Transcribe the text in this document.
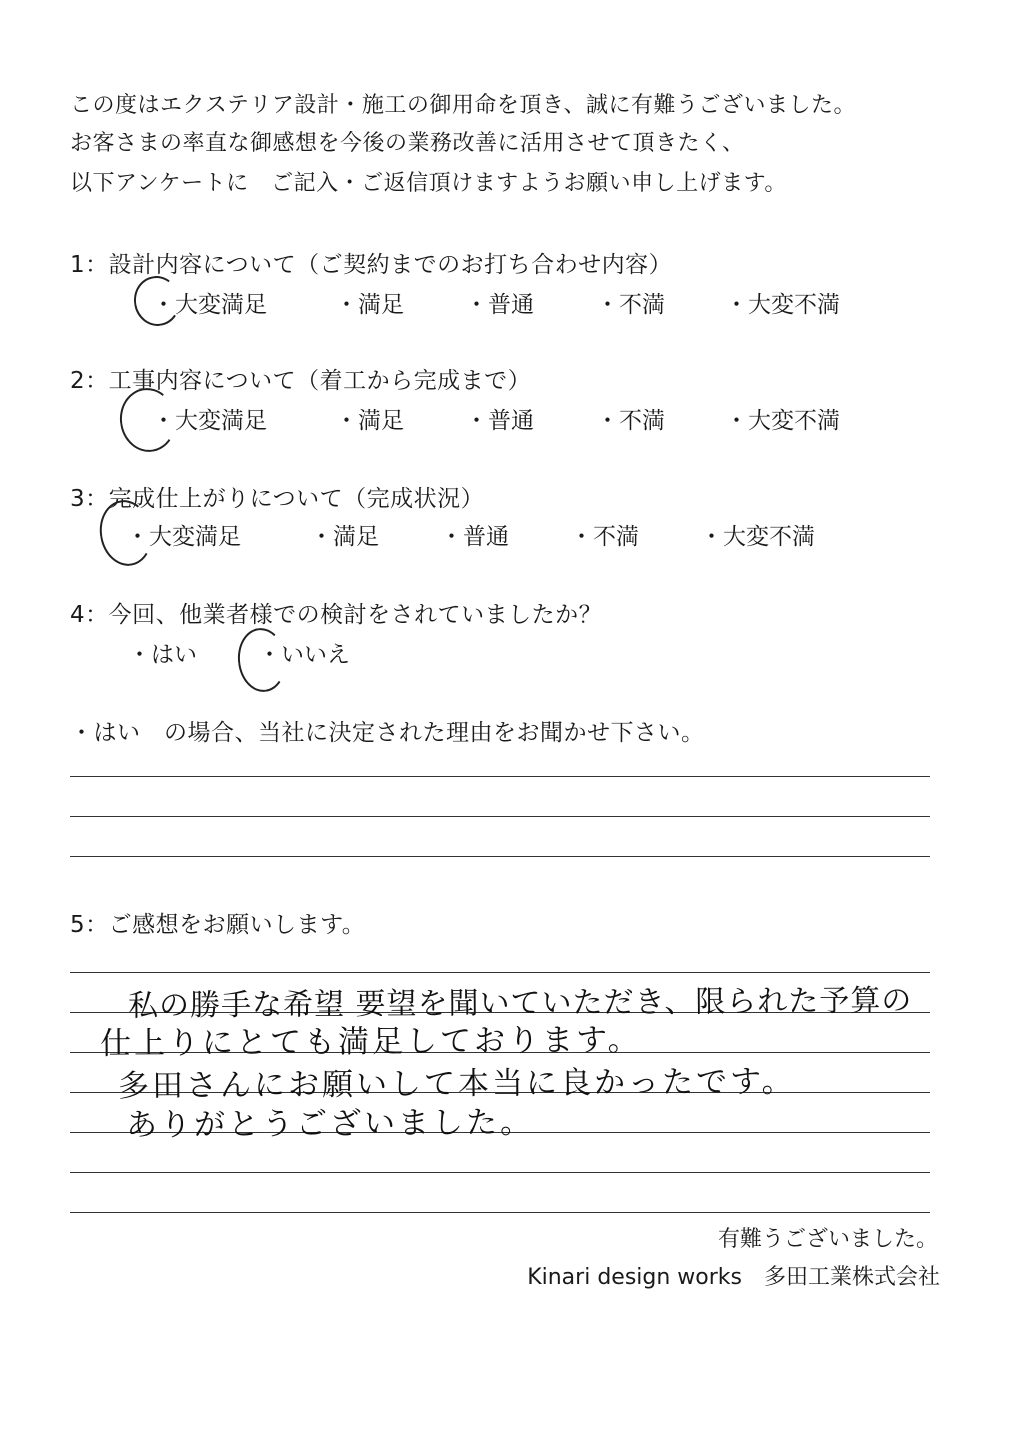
この度はエクステリア設計・施工の御用命を頂き、誠に有難うございました。
お客さまの率直な御感想を今後の業務改善に活用させて頂きたく、
以下アンケートに　ご記入・ご返信頂けますようお願い申し上げます。
1：設計内容について（ご契約までのお打ち合わせ内容）
・大変満足	・満足	・普通	・不満	・大変不満
2：工事内容について（着工から完成まで）
・大変満足	・満足	・普通	・不満	・大変不満
3：完成仕上がりについて（完成状況）
・大変満足	・満足	・普通	・不満	・大変不満
4：今回、他業者様での検討をされていましたか？
・はい	・いいえ
・はい　の場合、当社に決定された理由をお聞かせ下さい。
5：ご感想をお願いします。
私の勝手な希望 要望を聞いていただき、限られた予算の
仕上りにとても満足しております。
多田さんにお願いして本当に良かったです。
ありがとうございました。
有難うございました。
Kinari design works　多田工業株式会社
